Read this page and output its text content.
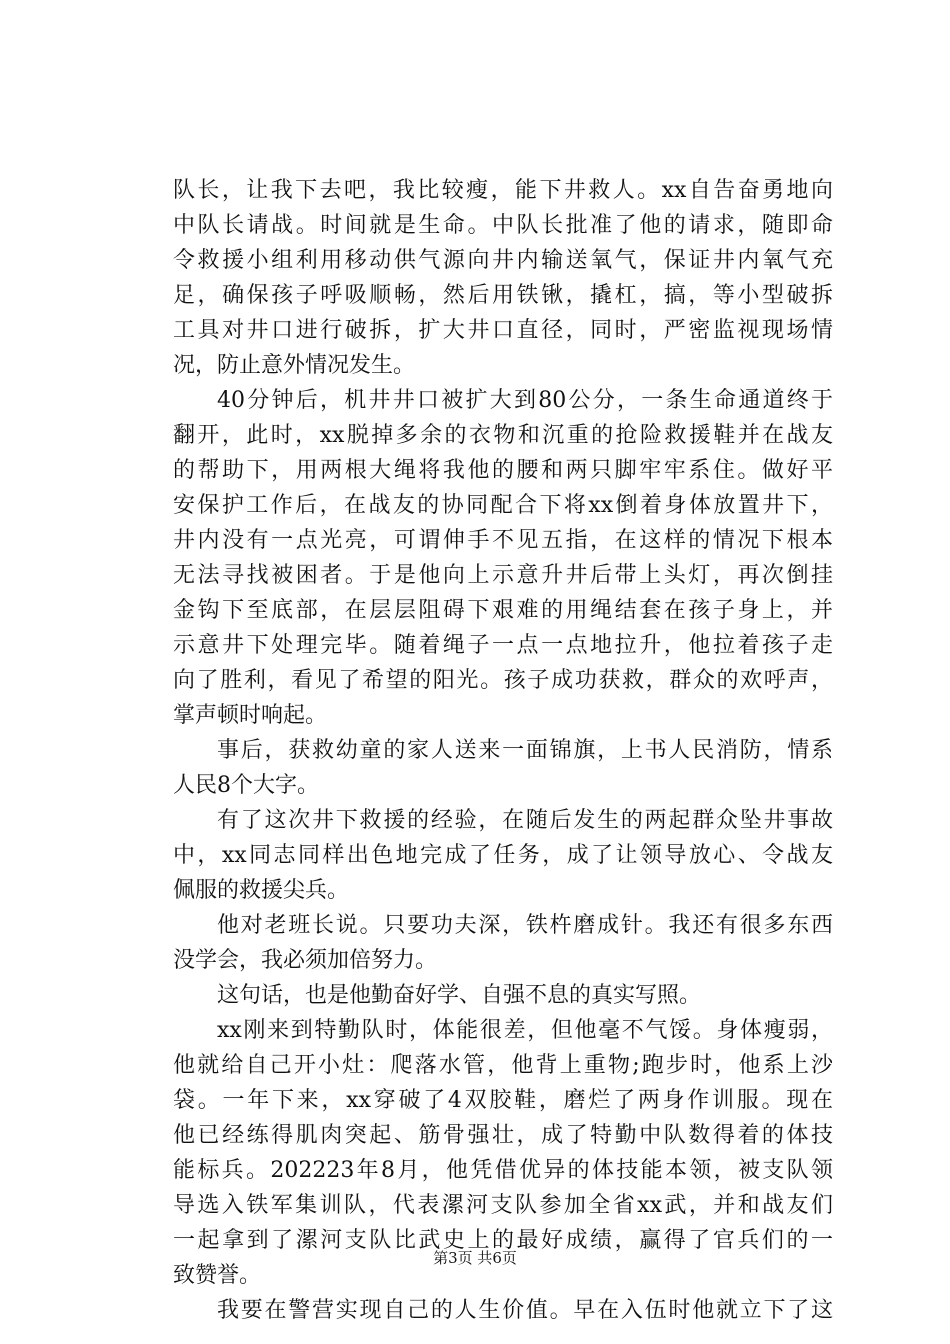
队长，让我下去吧，我比较瘦，能下井救人。xx自告奋勇地向
中队长请战。时间就是生命。中队长批准了他的请求，随即命
令救援小组利用移动供气源向井内输送氧气，保证井内氧气充
足，确保孩子呼吸顺畅，然后用铁锹，撬杠，搞，等小型破拆
工具对井口进行破拆，扩大井口直径，同时，严密监视现场情
况，防止意外情况发生。
40分钟后，机井井口被扩大到80公分，一条生命通道终于
翻开，此时，xx脱掉多余的衣物和沉重的抢险救援鞋并在战友
的帮助下，用两根大绳将我他的腰和两只脚牢牢系住。做好平
安保护工作后，在战友的协同配合下将xx倒着身体放置井下，
井内没有一点光亮，可谓伸手不见五指，在这样的情况下根本
无法寻找被困者。于是他向上示意升井后带上头灯，再次倒挂
金钩下至底部，在层层阻碍下艰难的用绳结套在孩子身上，并
示意井下处理完毕。随着绳子一点一点地拉升，他拉着孩子走
向了胜利，看见了希望的阳光。孩子成功获救，群众的欢呼声，
掌声顿时响起。
事后，获救幼童的家人送来一面锦旗，上书人民消防，情系
人民8个大字。
有了这次井下救援的经验，在随后发生的两起群众坠井事故
中，xx同志同样出色地完成了任务，成了让领导放心、令战友
佩服的救援尖兵。
他对老班长说。只要功夫深，铁杵磨成针。我还有很多东西
没学会，我必须加倍努力。
这句话，也是他勤奋好学、自强不息的真实写照。
xx刚来到特勤队时，体能很差，但他毫不气馁。身体瘦弱，
他就给自己开小灶：爬落水管，他背上重物;跑步时，他系上沙
袋。一年下来，xx穿破了4双胶鞋，磨烂了两身作训服。现在
他已经练得肌肉突起、筋骨强壮，成了特勤中队数得着的体技
能标兵。202223年8月，他凭借优异的体技能本领，被支队领
导选入铁军集训队，代表漯河支队参加全省xx武，并和战友们
一起拿到了漯河支队比武史上的最好成绩，赢得了官兵们的一
致赞誉。
我要在警营实现自己的人生价值。早在入伍时他就立下了这
第3页 共6页
